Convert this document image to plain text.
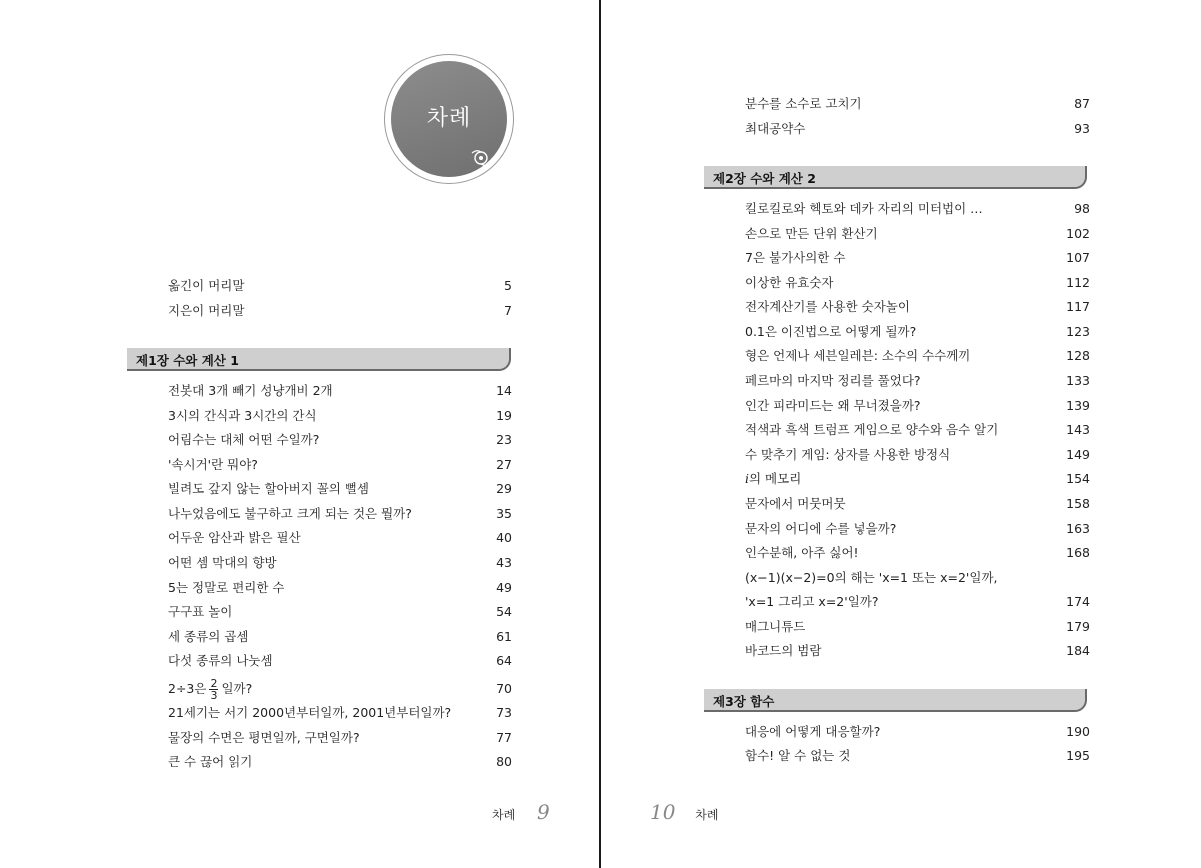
차례
옮긴이 머리말	5
지은이 머리말	7
제1장 수와 계산 1
전봇대 3개 빼기 성냥개비 2개	14
3시의 간식과 3시간의 간식	19
어림수는 대체 어떤 수일까?	23
'속시거'란 뭐야?	27
빌려도 갚지 않는 할아버지 꼴의 뻘셈	29
나누었음에도 불구하고 크게 되는 것은 뭘까?	35
어두운 암산과 밝은 필산	40
어떤 셈 막대의 향방	43
5는 정말로 편리한 수	49
구구표 놀이	54
세 종류의 곱셈	61
다섯 종류의 나눗셈	64
2÷3은 $\frac{2}{3}$ 일까?	70
21세기는 서기 2000년부터일까, 2001년부터일까?	73
물장의 수면은 평면일까, 구면일까?	77
큰 수 끊어 읽기	80
차례 9
분수를 소수로 고치기	87
최대공약수	93
제2장 수와 계산 2
킬로킬로와 헥토와 데카 자리의 미터법이 …	98
손으로 만든 단위 환산기	102
7은 불가사의한 수	107
이상한 유효숫자	112
전자계산기를 사용한 숫자놀이	117
0.1은 이진법으로 어떻게 될까?	123
형은 언제나 세븐일레븐: 소수의 수수께끼	128
페르마의 마지막 정리를 풀었다?	133
인간 피라미드는 왜 무너졌을까?	139
적색과 흑색 트럼프 게임으로 양수와 음수 알기	143
수 맞추기 게임: 상자를 사용한 방정식	149
i의 메모리	154
문자에서 머뭇머뭇	158
문자의 어디에 수를 넣을까?	163
인수분해, 아주 싫어!	168
(x−1)(x−2)=0의 해는 'x=1 또는 x=2'일까,
'x=1 그리고 x=2'일까?	174
매그니튜드	179
바코드의 범람	184
제3장 함수
대응에 어떻게 대응할까?	190
함수! 알 수 없는 것	195
10 차례
